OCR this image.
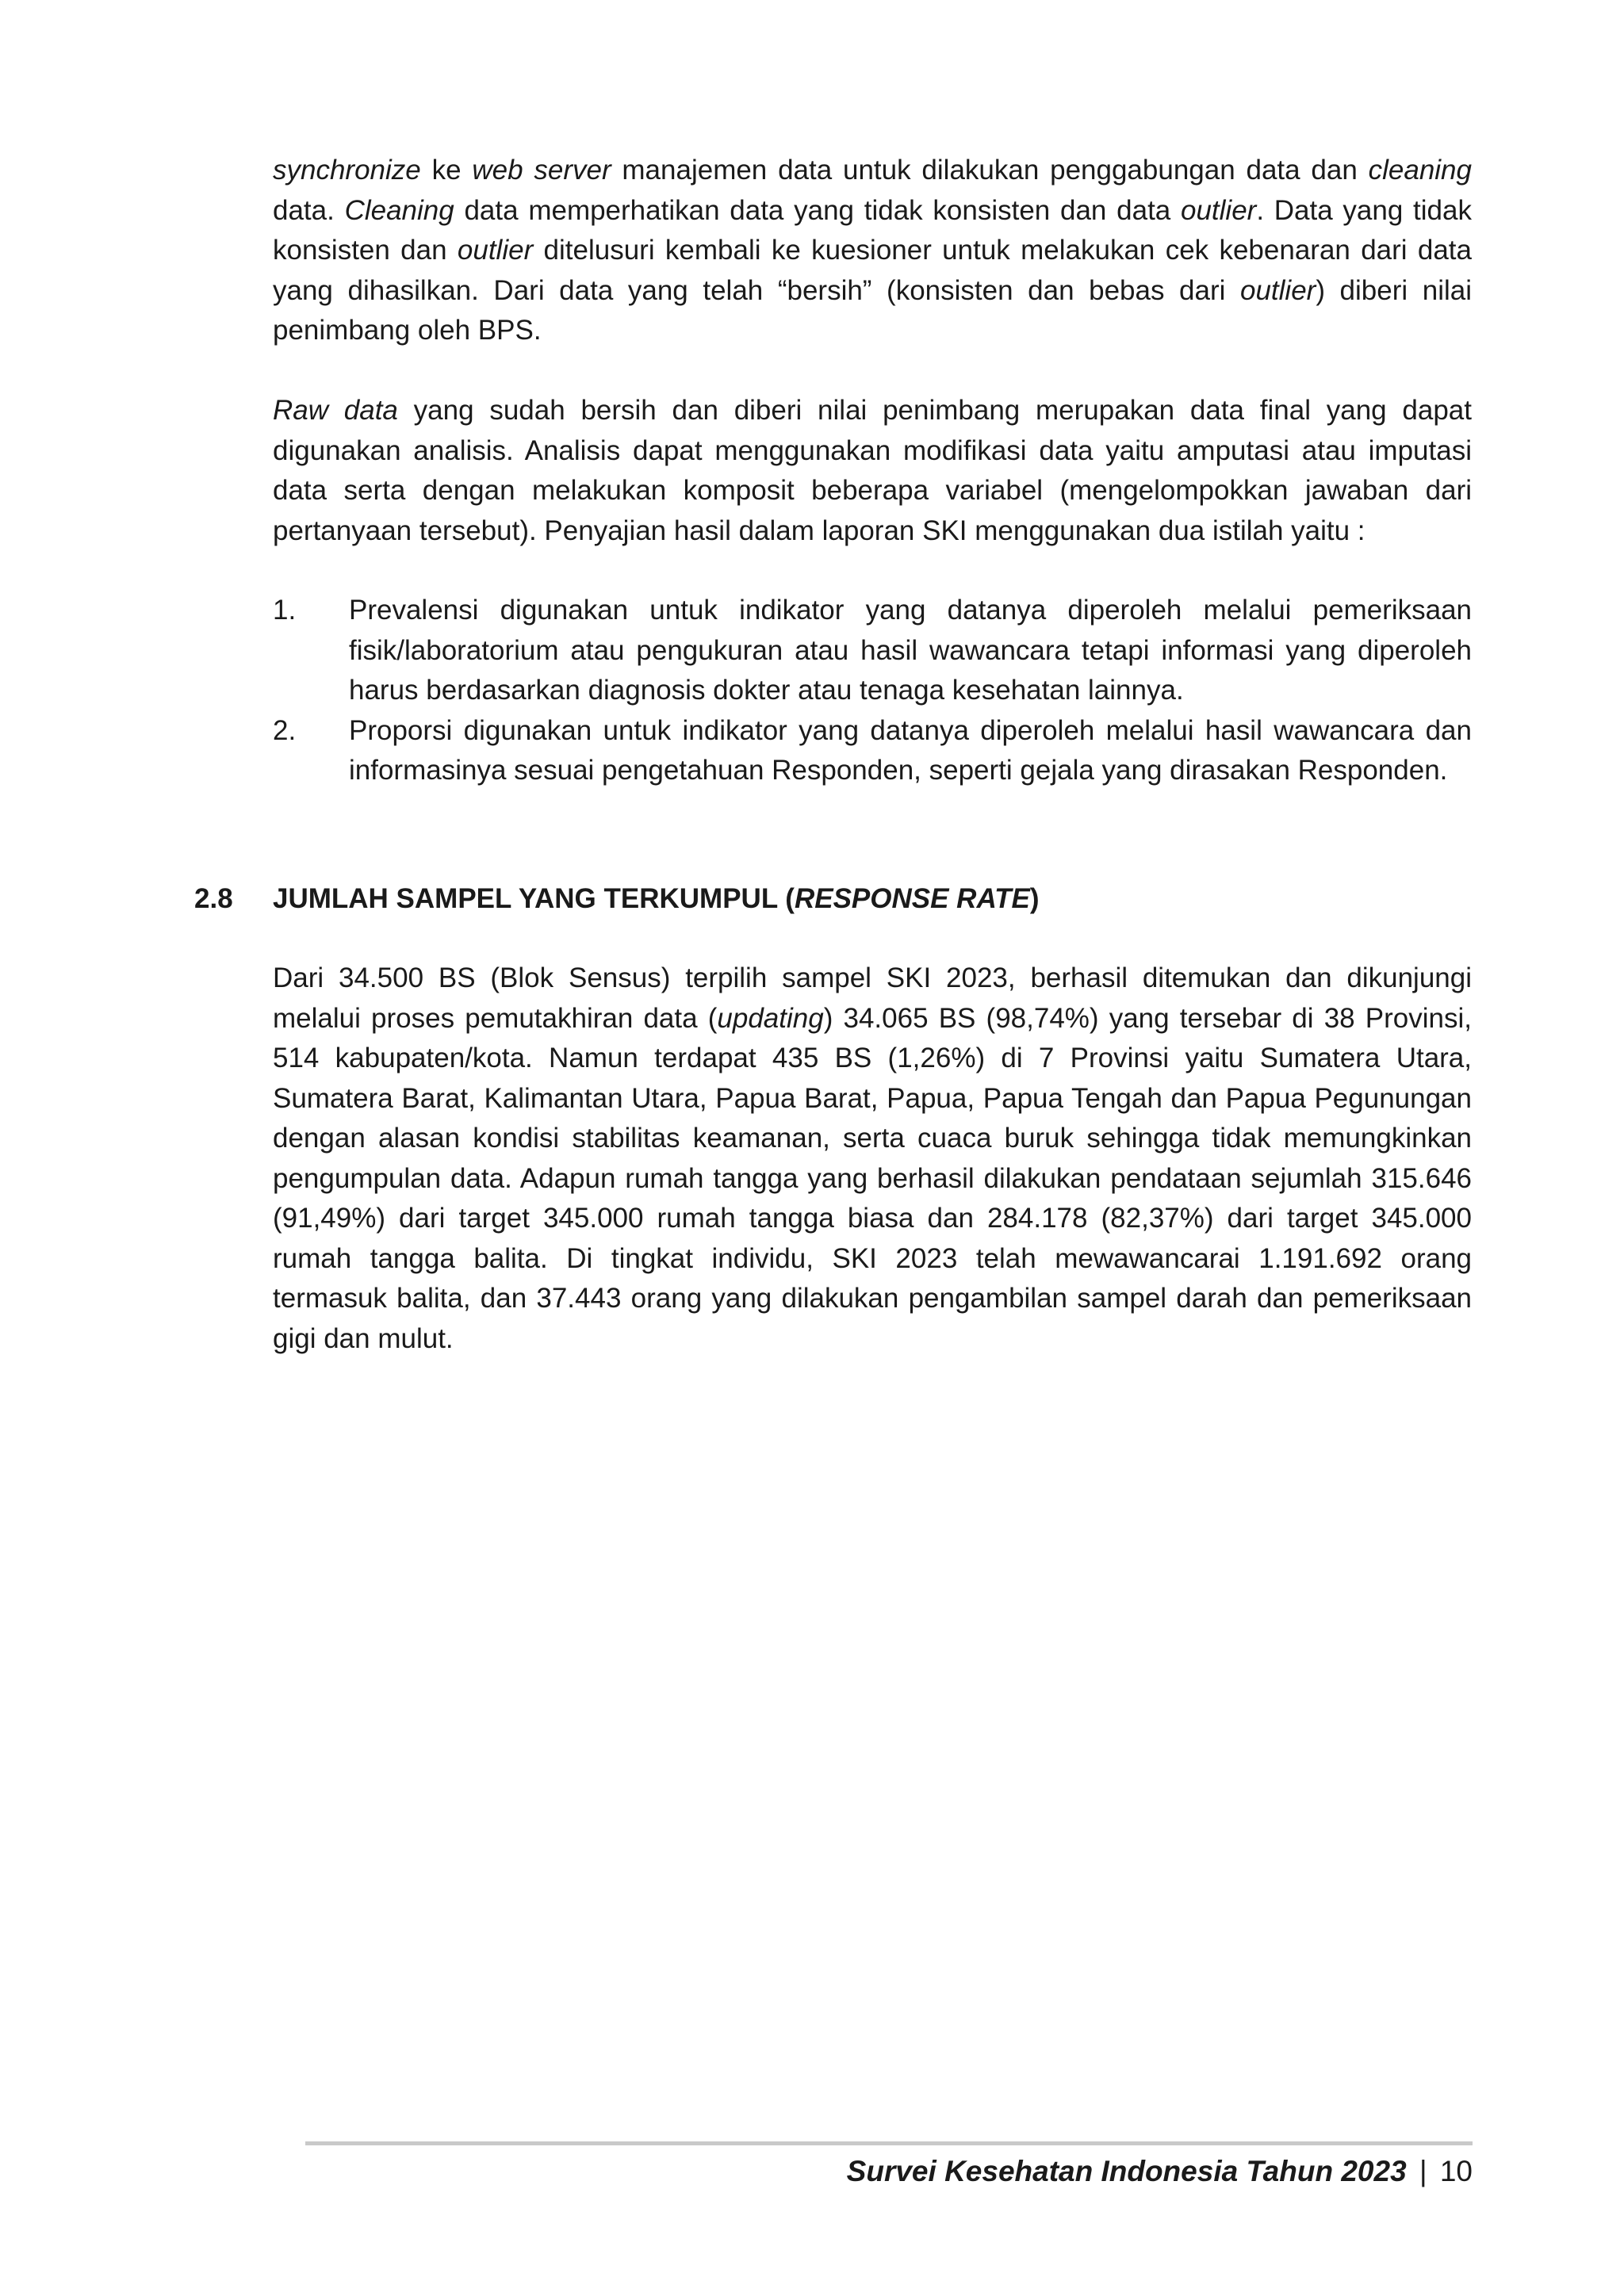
synchronize ke web server manajemen data untuk dilakukan penggabungan data dan cleaning data. Cleaning data memperhatikan data yang tidak konsisten dan data outlier. Data yang tidak konsisten dan outlier ditelusuri kembali ke kuesioner untuk melakukan cek kebenaran dari data yang dihasilkan. Dari data yang telah “bersih” (konsisten dan bebas dari outlier) diberi nilai penimbang oleh BPS.

Raw data yang sudah bersih dan diberi nilai penimbang merupakan data final yang dapat digunakan analisis. Analisis dapat menggunakan modifikasi data yaitu amputasi atau imputasi data serta dengan melakukan komposit beberapa variabel (mengelompokkan jawaban dari pertanyaan tersebut). Penyajian hasil dalam laporan SKI menggunakan dua istilah yaitu :

1. Prevalensi digunakan untuk indikator yang datanya diperoleh melalui pemeriksaan fisik/laboratorium atau pengukuran atau hasil wawancara tetapi informasi yang diperoleh harus berdasarkan diagnosis dokter atau tenaga kesehatan lainnya.
2. Proporsi digunakan untuk indikator yang datanya diperoleh melalui hasil wawancara dan informasinya sesuai pengetahuan Responden, seperti gejala yang dirasakan Responden.
2.8 JUMLAH SAMPEL YANG TERKUMPUL (RESPONSE RATE)

Dari 34.500 BS (Blok Sensus) terpilih sampel SKI 2023, berhasil ditemukan dan dikunjungi melalui proses pemutakhiran data (updating) 34.065 BS (98,74%) yang tersebar di 38 Provinsi, 514 kabupaten/kota. Namun terdapat 435 BS (1,26%) di 7 Provinsi yaitu Sumatera Utara, Sumatera Barat, Kalimantan Utara, Papua Barat, Papua, Papua Tengah dan Papua Pegunungan dengan alasan kondisi stabilitas keamanan, serta cuaca buruk sehingga tidak memungkinkan pengumpulan data. Adapun rumah tangga yang berhasil dilakukan pendataan sejumlah 315.646 (91,49%) dari target 345.000 rumah tangga biasa dan 284.178 (82,37%) dari target 345.000 rumah tangga balita. Di tingkat individu, SKI 2023 telah mewawancarai 1.191.692 orang termasuk balita, dan 37.443 orang yang dilakukan pengambilan sampel darah dan pemeriksaan gigi dan mulut.

Survei Kesehatan Indonesia Tahun 2023 | 10
